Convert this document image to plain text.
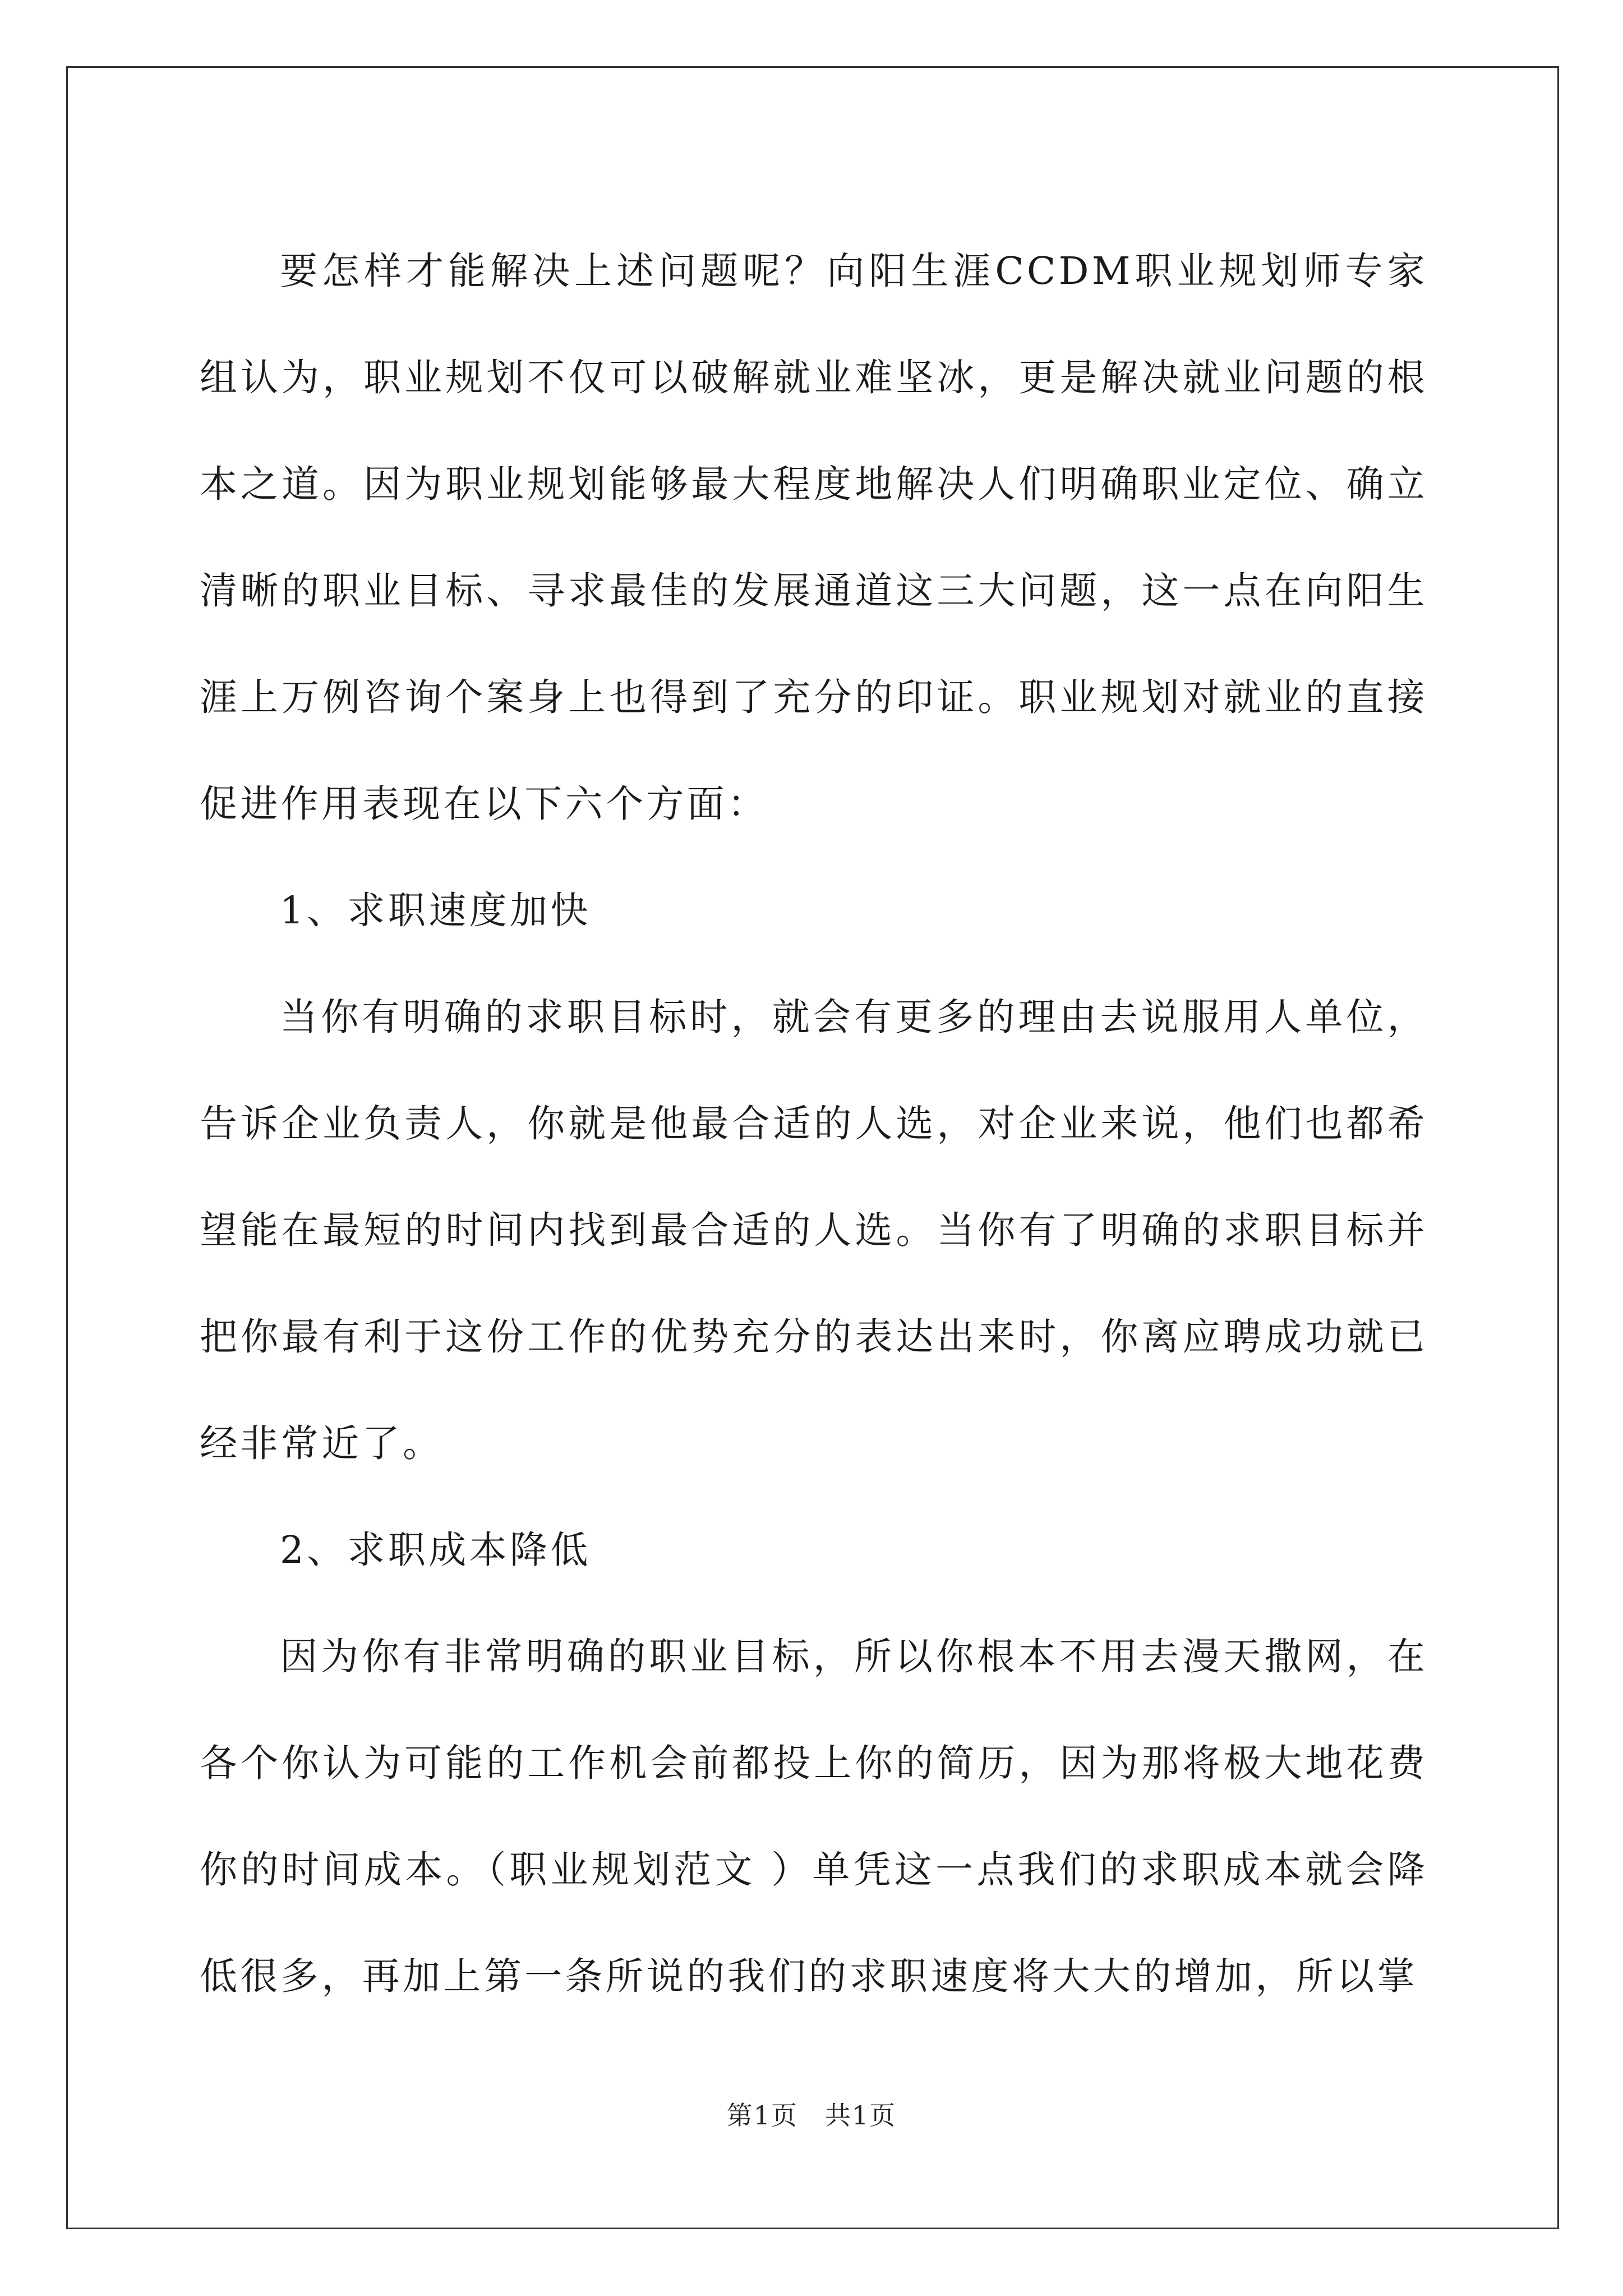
要怎样才能解决上述问题呢？向阳生涯CCDM职业规划师专家组认为，职业规划不仅可以破解就业难坚冰，更是解决就业问题的根本之道。因为职业规划能够最大程度地解决人们明确职业定位、确立清晰的职业目标、寻求最佳的发展通道这三大问题，这一点在向阳生涯上万例咨询个案身上也得到了充分的印证。职业规划对就业的直接促进作用表现在以下六个方面：

1、求职速度加快

当你有明确的求职目标时，就会有更多的理由去说服用人单位，告诉企业负责人，你就是他最合适的人选，对企业来说，他们也都希望能在最短的时间内找到最合适的人选。当你有了明确的求职目标并把你最有利于这份工作的优势充分的表达出来时，你离应聘成功就已经非常近了。

2、求职成本降低

因为你有非常明确的职业目标，所以你根本不用去漫天撒网，在各个你认为可能的工作机会前都投上你的简历，因为那将极大地花费你的时间成本。（职业规划范文 ）单凭这一点我们的求职成本就会降低很多，再加上第一条所说的我们的求职速度将大大的增加，所以掌

第1页　共1页
